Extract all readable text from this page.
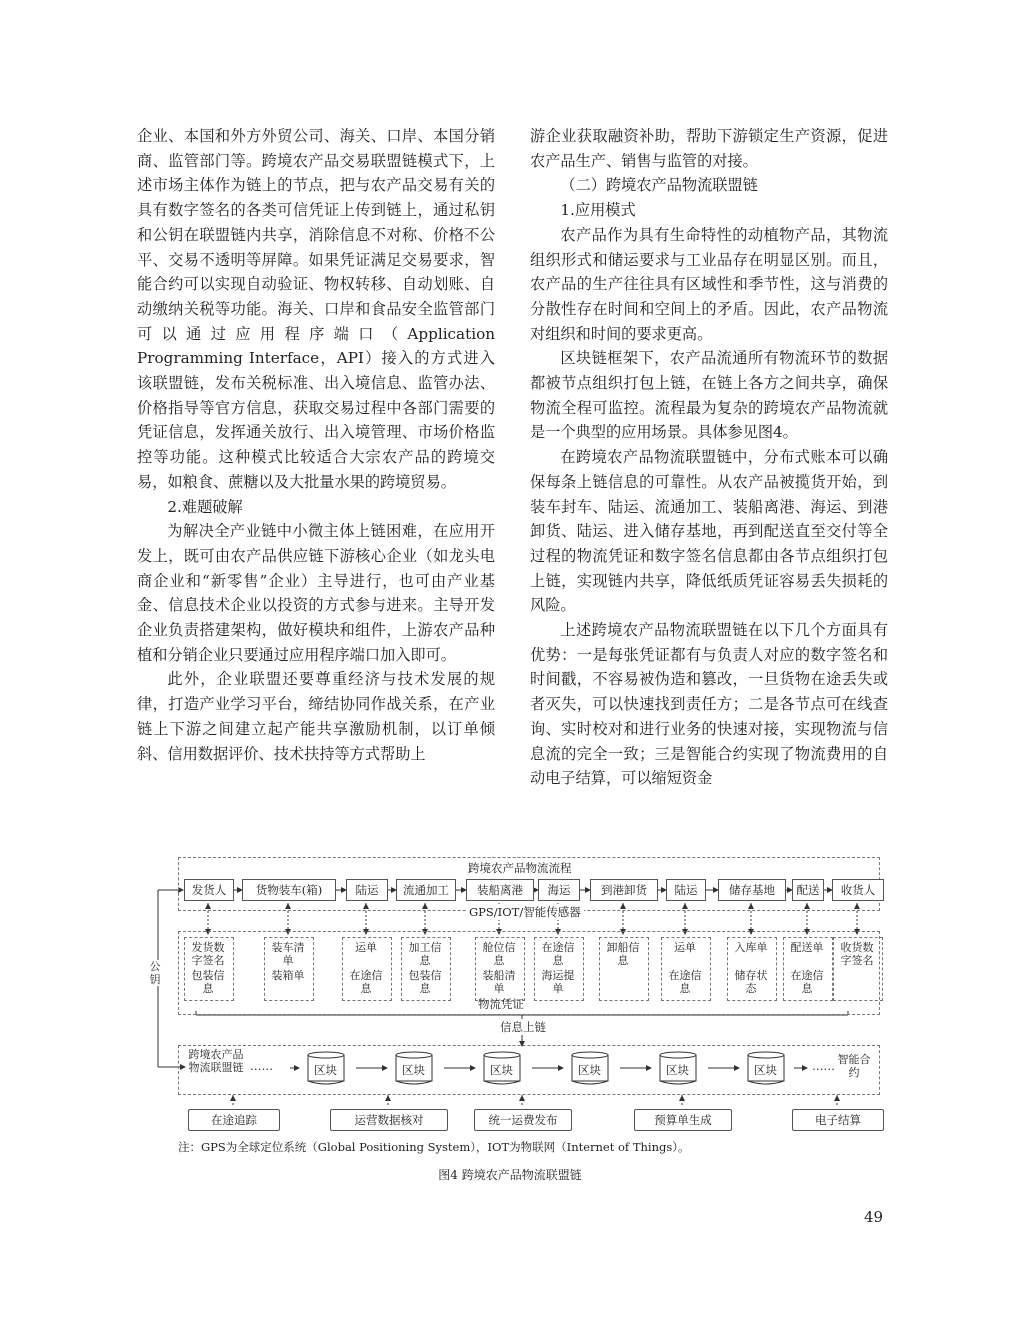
企业、本国和外方外贸公司、海关、口岸、本国分销商、监管部门等。跨境农产品交易联盟链模式下，上述市场主体作为链上的节点，把与农产品交易有关的具有数字签名的各类可信凭证上传到链上，通过私钥和公钥在联盟链内共享，消除信息不对称、价格不公平、交易不透明等屏障。如果凭证满足交易要求，智能合约可以实现自动验证、物权转移、自动划账、自动缴纳关税等功能。海关、口岸和食品安全监管部门可以通过应用程序端口（Application Programming Interface，API）接入的方式进入该联盟链，发布关税标准、出入境信息、监管办法、价格指导等官方信息，获取交易过程中各部门需要的凭证信息，发挥通关放行、出入境管理、市场价格监控等功能。这种模式比较适合大宗农产品的跨境交易，如粮食、蔗糖以及大批量水果的跨境贸易。

2.难题破解

为解决全产业链中小微主体上链困难，在应用开发上，既可由农产品供应链下游核心企业（如龙头电商企业和“新零售”企业）主导进行，也可由产业基金、信息技术企业以投资的方式参与进来。主导开发企业负责搭建架构，做好模块和组件，上游农产品种植和分销企业只要通过应用程序端口加入即可。

此外，企业联盟还要尊重经济与技术发展的规律，打造产业学习平台，缔结协同作战关系，在产业链上下游之间建立起产能共享激励机制，以订单倾斜、信用数据评价、技术扶持等方式帮助上

游企业获取融资补助，帮助下游锁定生产资源，促进农产品生产、销售与监管的对接。

（二）跨境农产品物流联盟链

1.应用模式

农产品作为具有生命特性的动植物产品，其物流组织形式和储运要求与工业品存在明显区别。而且，农产品的生产往往具有区域性和季节性，这与消费的分散性存在时间和空间上的矛盾。因此，农产品物流对组织和时间的要求更高。

区块链框架下，农产品流通所有物流环节的数据都被节点组织打包上链，在链上各方之间共享，确保物流全程可监控。流程最为复杂的跨境农产品物流就是一个典型的应用场景。具体参见图4。

在跨境农产品物流联盟链中，分布式账本可以确保每条上链信息的可靠性。从农产品被揽货开始，到装车封车、陆运、流通加工、装船离港、海运、到港卸货、陆运、进入储存基地，再到配送直至交付等全过程的物流凭证和数字签名信息都由各节点组织打包上链，实现链内共享，降低纸质凭证容易丢失损耗的风险。

上述跨境农产品物流联盟链在以下几个方面具有优势：一是每张凭证都有与负责人对应的数字签名和时间戳，不容易被伪造和篡改，一旦货物在途丢失或者灭失，可以快速找到责任方；二是各节点可在线查询、实时校对和进行业务的快速对接，实现物流与信息流的完全一致；三是智能合约实现了物流费用的自动电子结算，可以缩短资金

跨境农产品物流流程
GPS/IOT/智能传感器
发货人	货物装车(箱)	陆运	流通加工	装船离港	海运	到港卸货	陆运	储存基地	配送	收货人
发货数字签名
包装信息
装车清单
装箱单
运单
在途信息
加工信息
包装信息
舱位信息
装船清单
在途信息
海运提单
卸船信息
运单
在途信息
入库单
储存状态
配送单
在途信息
收货数字签名
物流凭证
信息上链
公钥
跨境农产品物流联盟链 ……	区块	区块	区块	区块	区块	区块	…… 智能合约
在途追踪	运营数据核对	统一运费发布	预算单生成	电子结算
注：GPS为全球定位系统（Global Positioning System），IOT为物联网（Internet of Things）。
图4 跨境农产品物流联盟链
49
